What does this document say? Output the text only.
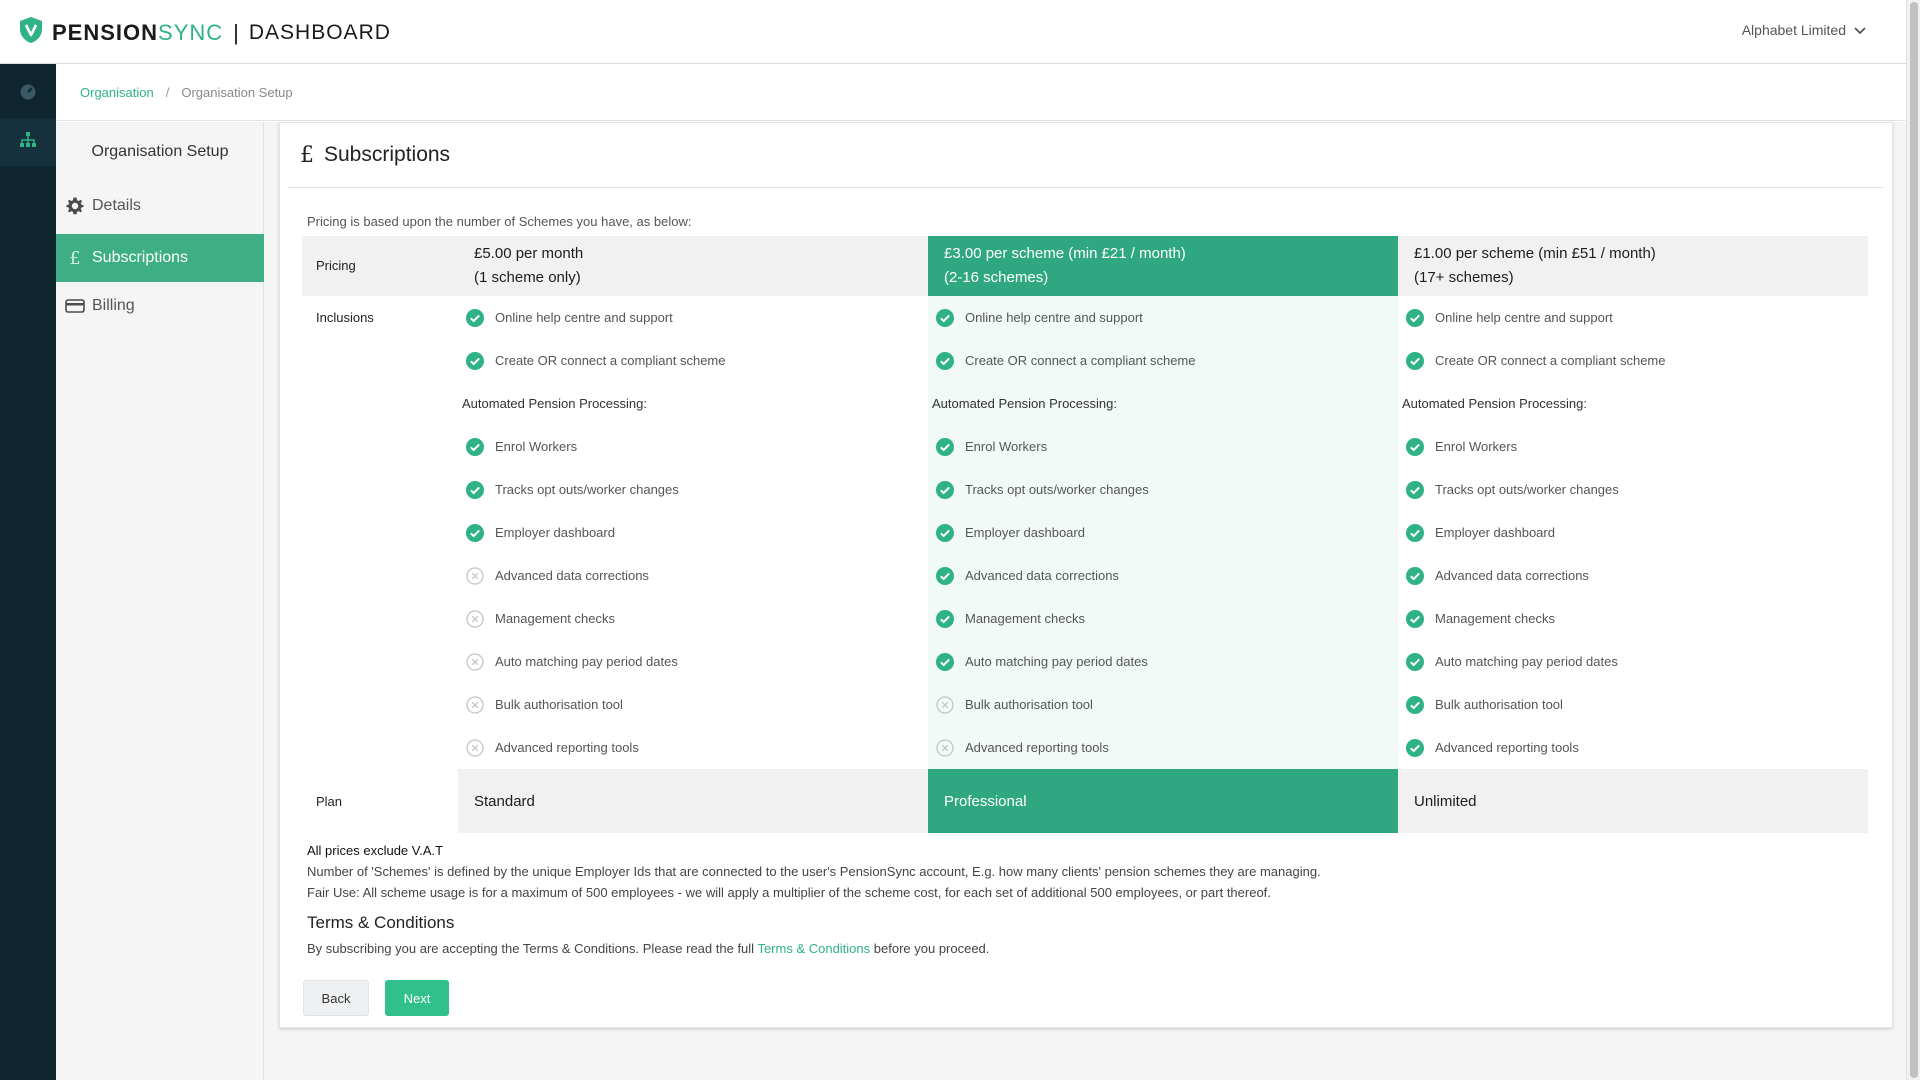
PENSIONSYNC | DASHBOARD	Alphabet Limited
Organisation / Organisation Setup
Organisation Setup
Details
£ Subscriptions
Billing
£ Subscriptions
Pricing is based upon the number of Schemes you have, as below:
Pricing
Inclusions
Plan
£5.00 per month
(1 scheme only)
Online help centre and support
Create OR connect a compliant scheme
Automated Pension Processing:
Enrol Workers
Tracks opt outs/worker changes
Employer dashboard
Advanced data corrections
Management checks
Auto matching pay period dates
Bulk authorisation tool
Advanced reporting tools
Standard
£3.00 per scheme (min £21 / month)
(2-16 schemes)
Online help centre and support
Create OR connect a compliant scheme
Automated Pension Processing:
Enrol Workers
Tracks opt outs/worker changes
Employer dashboard
Advanced data corrections
Management checks
Auto matching pay period dates
Bulk authorisation tool
Advanced reporting tools
Professional
£1.00 per scheme (min £51 / month)
(17+ schemes)
Online help centre and support
Create OR connect a compliant scheme
Automated Pension Processing:
Enrol Workers
Tracks opt outs/worker changes
Employer dashboard
Advanced data corrections
Management checks
Auto matching pay period dates
Bulk authorisation tool
Advanced reporting tools
Unlimited
All prices exclude V.A.T
Number of 'Schemes' is defined by the unique Employer Ids that are connected to the user's PensionSync account, E.g. how many clients' pension schemes they are managing.
Fair Use: All scheme usage is for a maximum of 500 employees - we will apply a multiplier of the scheme cost, for each set of additional 500 employees, or part thereof.
Terms & Conditions
By subscribing you are accepting the Terms & Conditions. Please read the full Terms & Conditions before you proceed.
Back	Next
